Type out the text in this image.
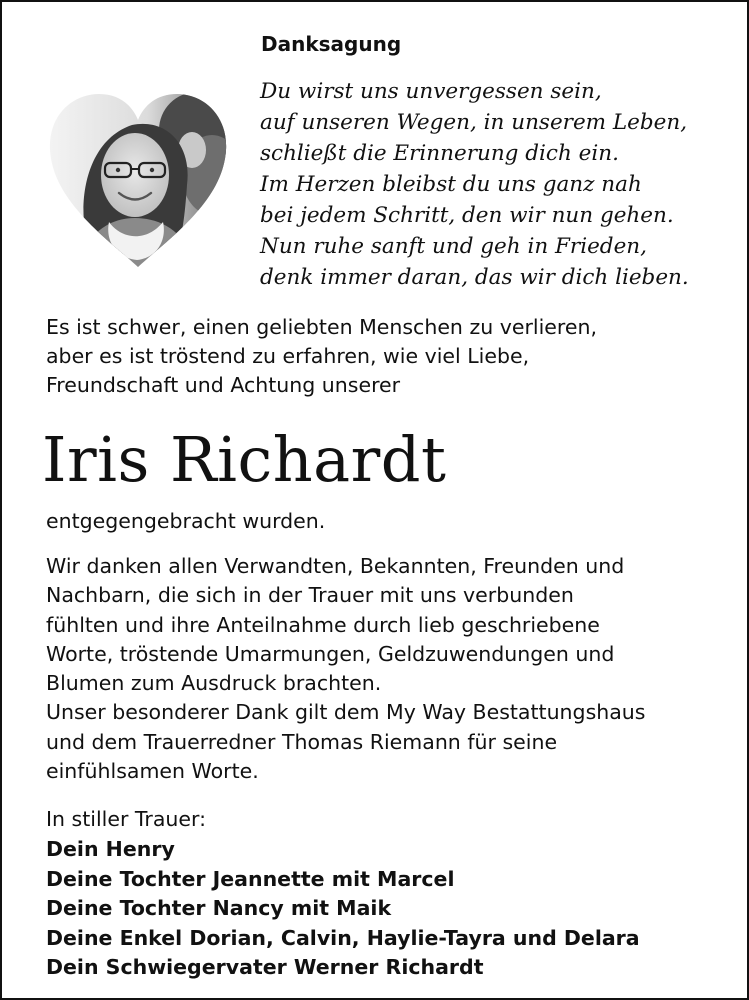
Danksagung
Du wirst uns unvergessen sein,
auf unseren Wegen, in unserem Leben,
schließt die Erinnerung dich ein.
Im Herzen bleibst du uns ganz nah
bei jedem Schritt, den wir nun gehen.
Nun ruhe sanft und geh in Frieden,
denk immer daran, das wir dich lieben.
Es ist schwer, einen geliebten Menschen zu verlieren,
aber es ist tröstend zu erfahren, wie viel Liebe,
Freundschaft und Achtung unserer
Iris Richardt
entgegengebracht wurden.
Wir danken allen Verwandten, Bekannten, Freunden und
Nachbarn, die sich in der Trauer mit uns verbunden
fühlten und ihre Anteilnahme durch lieb geschriebene
Worte, tröstende Umarmungen, Geldzuwendungen und
Blumen zum Ausdruck brachten.
Unser besonderer Dank gilt dem My Way Bestattungshaus
und dem Trauerredner Thomas Riemann für seine
einfühlsamen Worte.
In stiller Trauer:
Dein Henry
Deine Tochter Jeannette mit Marcel
Deine Tochter Nancy mit Maik
Deine Enkel Dorian, Calvin, Haylie-Tayra und Delara
Dein Schwiegervater Werner Richardt
